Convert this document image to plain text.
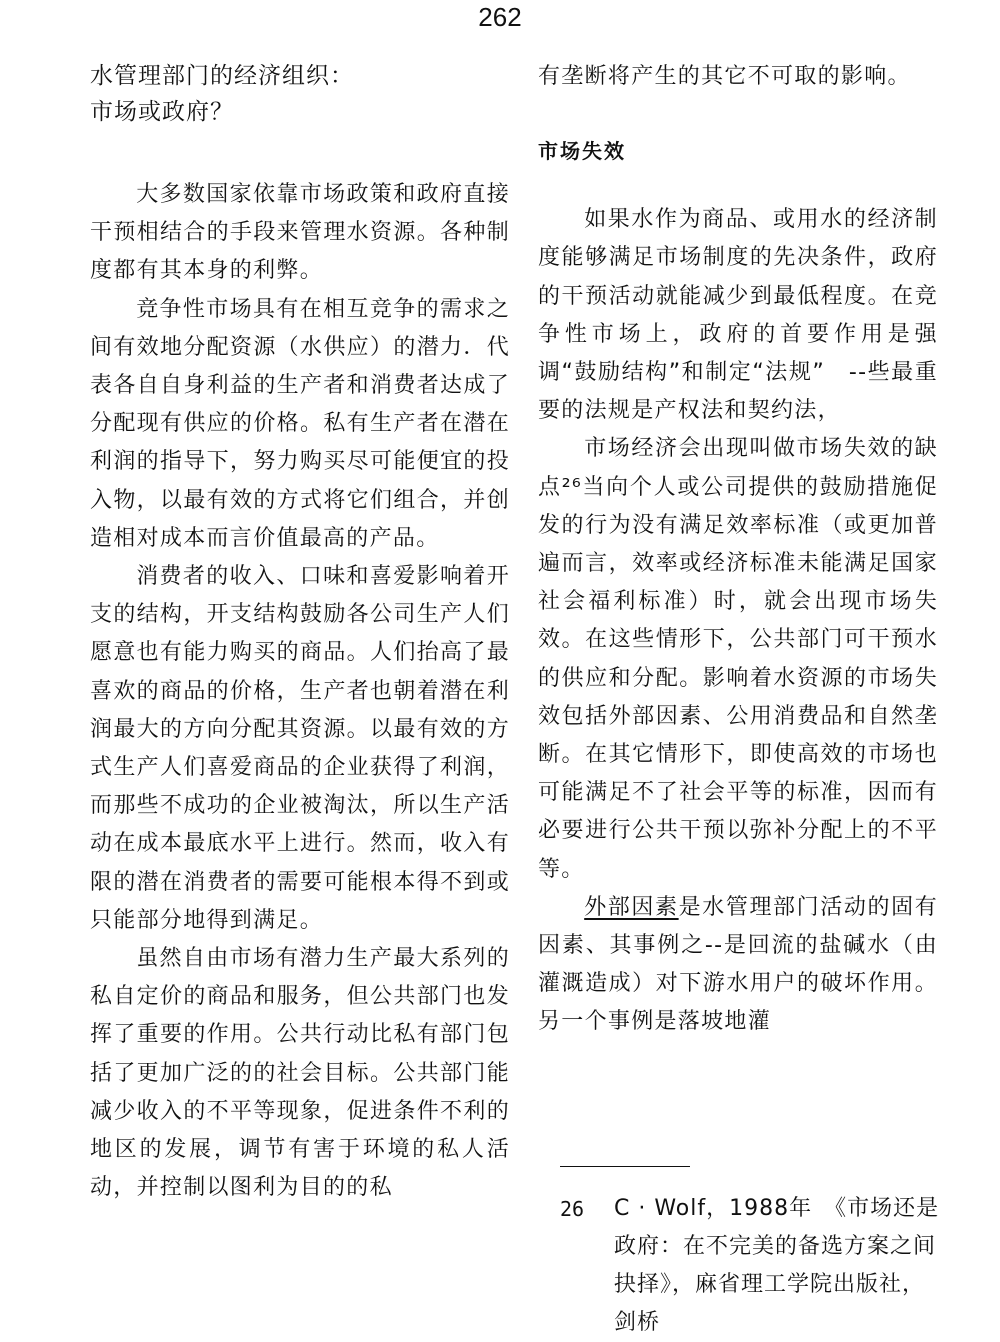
262
水管理部门的经济组织：
市场或政府？

大多数国家依靠市场政策和政府直接干预相结合的手段来管理水资源。各种制度都有其本身的利弊。

竞争性市场具有在相互竞争的需求之间有效地分配资源（水供应）的潜力．代表各自自身利益的生产者和消费者达成了分配现有供应的价格。私有生产者在潜在利润的指导下，努力购买尽可能便宜的投入物，以最有效的方式将它们组合，并创造相对成本而言价值最高的产品。

消费者的收入、口味和喜爱影响着开支的结构，开支结构鼓励各公司生产人们愿意也有能力购买的商品。人们抬高了最喜欢的商品的价格，生产者也朝着潜在利润最大的方向分配其资源。以最有效的方式生产人们喜爱商品的企业获得了利润，而那些不成功的企业被淘汰，所以生产活动在成本最底水平上进行。然而，收入有限的潜在消费者的需要可能根本得不到或只能部分地得到满足。

虽然自由市场有潜力生产最大系列的私自定价的商品和服务，但公共部门也发挥了重要的作用。公共行动比私有部门包括了更加广泛的的社会目标。公共部门能减少收入的不平等现象，促进条件不利的地区的发展，调节有害于环境的私人活动，并控制以图利为目的的私

有垄断将产生的其它不可取的影响。

市场失效

如果水作为商品、或用水的经济制度能够满足市场制度的先决条件，政府的干预活动就能减少到最低程度。在竞争性市场上，政府的首要作用是强调“鼓励结构”和制定“法规”　--些最重要的法规是产权法和契约法，

市场经济会出现叫做市场失效的缺点²⁶当向个人或公司提供的鼓励措施促发的行为没有满足效率标准（或更加普遍而言，效率或经济标准未能满足国家社会福利标准）时，就会出现市场失效。在这些情形下，公共部门可干预水的供应和分配。影响着水资源的市场失效包括外部因素、公用消费品和自然垄断。在其它情形下，即使高效的市场也可能满足不了社会平等的标准，因而有必要进行公共干预以弥补分配上的不平等。

外部因素是水管理部门活动的固有因素、其事例之--是回流的盐碱水（由灌溉造成）对下游水用户的破坏作用。另一个事例是落坡地灌

26 C · Wolf，1988年　《市场还是政府：在不完美的备选方案之间抉择》，麻省理工学院出版社，剑桥
